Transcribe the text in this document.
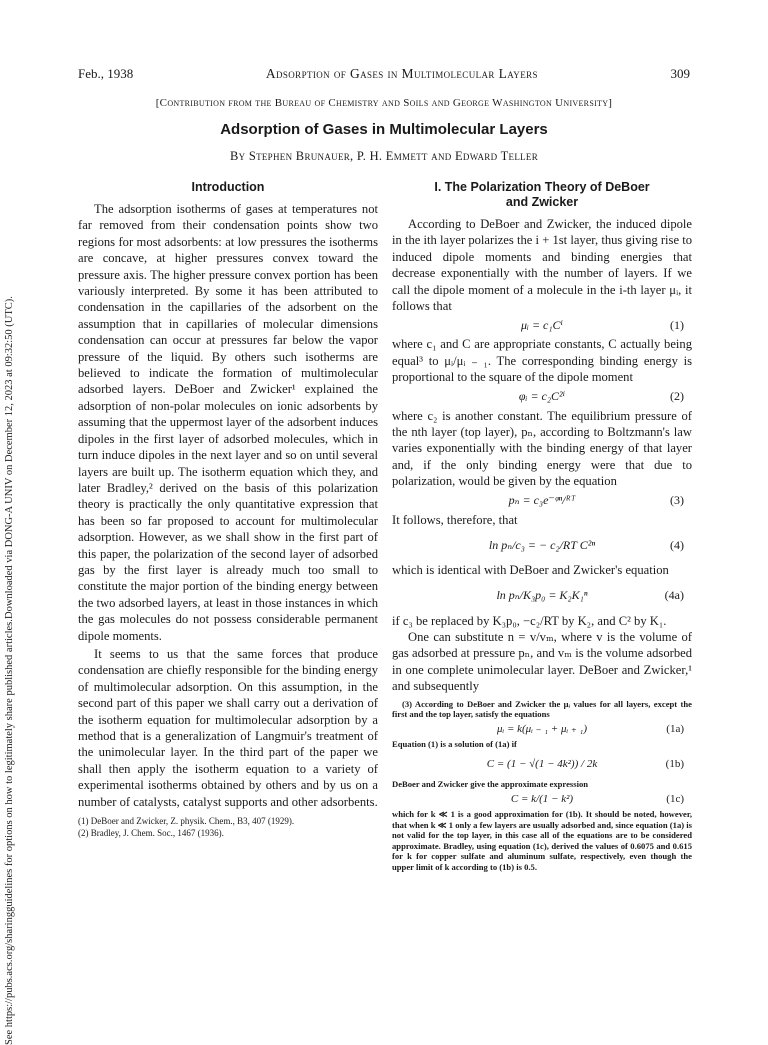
Downloaded via DONG-A UNIV on December 12, 2023 at 09:32:50 (UTC).
See https://pubs.acs.org/sharingguidelines for options on how to legitimately share published articles.
Feb., 1938	Adsorption of Gases in Multimolecular Layers	309
[Contribution from the Bureau of Chemistry and Soils and George Washington University]
Adsorption of Gases in Multimolecular Layers
By Stephen Brunauer, P. H. Emmett and Edward Teller
Introduction

The adsorption isotherms of gases at temperatures not far removed from their condensation points show two regions for most adsorbents: at low pressures the isotherms are concave, at higher pressures convex toward the pressure axis. The higher pressure convex portion has been variously interpreted. By some it has been attributed to condensation in the capillaries of the adsorbent on the assumption that in capillaries of molecular dimensions condensation can occur at pressures far below the vapor pressure of the liquid. By others such isotherms are believed to indicate the formation of multimolecular adsorbed layers. DeBoer and Zwicker¹ explained the adsorption of non-polar molecules on ionic adsorbents by assuming that the uppermost layer of the adsorbent induces dipoles in the first layer of adsorbed molecules, which in turn induce dipoles in the next layer and so on until several layers are built up. The isotherm equation which they, and later Bradley,² derived on the basis of this polarization theory is practically the only quantitative expression that has been so far proposed to account for multimolecular adsorption. However, as we shall show in the first part of this paper, the polarization of the second layer of adsorbed gas by the first layer is already much too small to constitute the major portion of the binding energy between the two adsorbed layers, at least in those instances in which the gas molecules do not possess considerable permanent dipole moments.

It seems to us that the same forces that produce condensation are chiefly responsible for the binding energy of multimolecular adsorption. On this assumption, in the second part of this paper we shall carry out a derivation of the isotherm equation for multimolecular adsorption by a method that is a generalization of Langmuir's treatment of the unimolecular layer. In the third part of the paper we shall then apply the isotherm equation to a variety of experimental isotherms obtained by others and by us on a number of catalysts, catalyst supports and other adsorbents.

(1) DeBoer and Zwicker, Z. physik. Chem., B3, 407 (1929).
(2) Bradley, J. Chem. Soc., 1467 (1936).
I. The Polarization Theory of DeBoer and Zwicker

According to DeBoer and Zwicker, the induced dipole in the ith layer polarizes the i + 1st layer, thus giving rise to induced dipole moments and binding energies that decrease exponentially with the number of layers. If we call the dipole moment of a molecule in the i-th layer μᵢ, it follows that

μᵢ = c₁Cⁱ	(1)

where c₁ and C are appropriate constants, C actually being equal³ to μᵢ/μᵢ ₋ ₁. The corresponding binding energy is proportional to the square of the dipole moment

φᵢ = c₂C²ⁱ	(2)

where c₂ is another constant. The equilibrium pressure of the nth layer (top layer), pₙ, according to Boltzmann's law varies exponentially with the binding energy of that layer and, if the only binding energy were that due to polarization, would be given by the equation

pₙ = c₃e⁻ᵠⁿ/ᴿᵀ	(3)

It follows, therefore, that

ln pₙ/c₃ = − c₂/RT C²ⁿ	(4)

which is identical with DeBoer and Zwicker's equation

ln pₙ/K₃p₀ = K₂K₁ⁿ	(4a)

if c₃ be replaced by K₃p₀, −c₂/RT by K₂, and C² by K₁.

One can substitute n = v/vₘ, where v is the volume of gas adsorbed at pressure pₙ, and vₘ is the volume adsorbed in one complete unimolecular layer. DeBoer and Zwicker,¹ and subsequently

(3) According to DeBoer and Zwicker the μᵢ values for all layers, except the first and the top layer, satisfy the equations

μᵢ = k(μᵢ ₋ ₁ + μᵢ ₊ ₁)	(1a)

Equation (1) is a solution of (1a) if

C = (1 − √(1 − 4k²)) / 2k	(1b)

DeBoer and Zwicker give the approximate expression

C = k/(1 − k²)	(1c)

which for k ≪ 1 is a good approximation for (1b). It should be noted, however, that when k ≪ 1 only a few layers are usually adsorbed and, since equation (1a) is not valid for the top layer, in this case all of the equations are to be considered approximate. Bradley, using equation (1c), derived the values of 0.6075 and 0.615 for k for copper sulfate and aluminum sulfate, respectively, even though the upper limit of k according to (1b) is 0.5.
